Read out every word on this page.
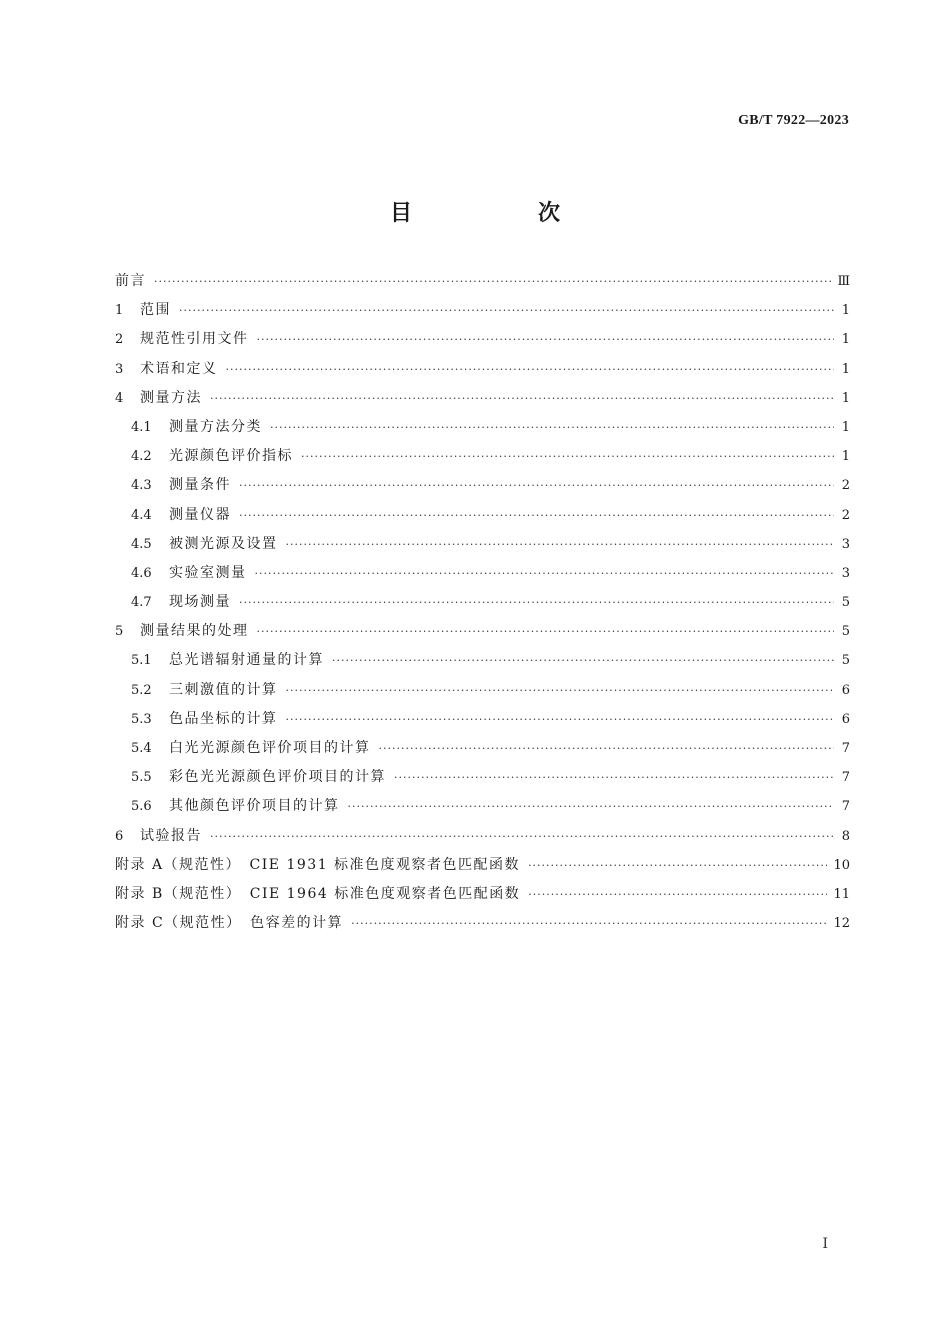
GB/T 7922—2023
目　次
前言 ·····	Ⅲ
1	范围 ·····	1
2	规范性引用文件 ·····	1
3	术语和定义 ·····	1
4	测量方法 ·····	1
4.1	测量方法分类 ·····	1
4.2	光源颜色评价指标 ·····	1
4.3	测量条件 ·····	2
4.4	测量仪器 ·····	2
4.5	被测光源及设置 ·····	3
4.6	实验室测量 ·····	3
4.7	现场测量 ·····	5
5	测量结果的处理 ·····	5
5.1	总光谱辐射通量的计算 ·····	5
5.2	三刺激值的计算 ·····	6
5.3	色品坐标的计算 ·····	6
5.4	白光光源颜色评价项目的计算 ·····	7
5.5	彩色光光源颜色评价项目的计算 ·····	7
5.6	其他颜色评价项目的计算 ·····	7
6	试验报告 ·····	8
附录 A（规范性）　CIE 1931 标准色度观察者色匹配函数 ·····	10
附录 B（规范性）　CIE 1964 标准色度观察者色匹配函数 ·····	11
附录 C（规范性）　色容差的计算 ·····	12
I
